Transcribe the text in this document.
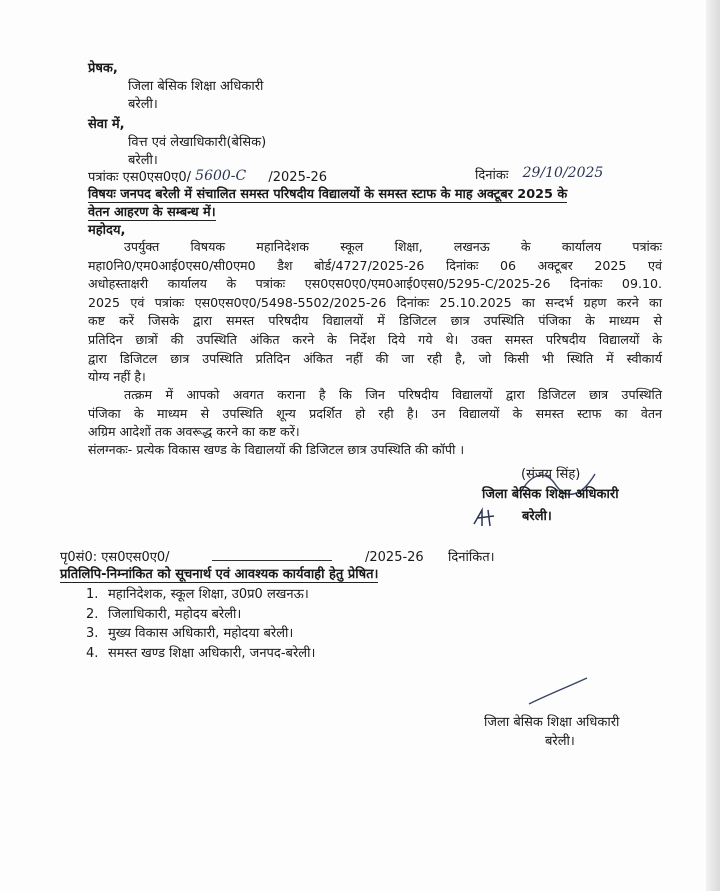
प्रेषक,
जिला बेसिक शिक्षा अधिकारी
बरेली।
सेवा में,
वित्त एवं लेखाधिकारी(बेसिक)
बरेली।
पत्रांकः एस0एस0ए0/ 5600-C /2025-26	दिनांकः 29/10/2025
विषयः जनपद बरेली में संचालित समस्त परिषदीय विद्यालयों के समस्त स्टाफ के माह अक्टूबर 2025 के
वेतन आहरण के सम्बन्ध में।
महोदय,
उपर्युक्त विषयक महानिदेशक स्कूल शिक्षा, लखनऊ के कार्यालय पत्रांकः
महा0नि0/एम0आई0एस0/सी0एम0 डैश बोर्ड/4727/2025-26 दिनांकः 06 अक्टूबर 2025 एवं
अधोहस्ताक्षरी कार्यालय के पत्रांकः एस0एस0ए0/एम0आई0एस0/5295-C/2025-26 दिनांकः 09.10.
2025 एवं पत्रांकः एस0एस0ए0/5498-5502/2025-26 दिनांकः 25.10.2025 का सन्दर्भ ग्रहण करने का
कष्ट करें जिसके द्वारा समस्त परिषदीय विद्यालयों में डिजिटल छात्र उपस्थिति पंजिका के माध्यम से
प्रतिदिन छात्रों की उपस्थिति अंकित करने के निर्देश दिये गये थे। उक्त समस्त परिषदीय विद्यालयों के
द्वारा डिजिटल छात्र उपस्थिति प्रतिदिन अंकित नहीं की जा रही है, जो किसी भी स्थिति में स्वीकार्य
योग्य नहीं है।
तत्क्रम में आपको अवगत कराना है कि जिन परिषदीय विद्यालयों द्वारा डिजिटल छात्र उपस्थिति
पंजिका के माध्यम से उपस्थिति शून्य प्रदर्शित हो रही है। उन विद्यालयों के समस्त स्टाफ का वेतन
अग्रिम आदेशों तक अवरूद्ध करने का कष्ट करें।
संलग्नकः- प्रत्येक विकास खण्ड के विद्यालयों की डिजिटल छात्र उपस्थिति की कॉपी ।
(संजय सिंह)
जिला बेसिक शिक्षा अधिकारी
बरेली।
पृ0सं0: एस0एस0ए0/	/2025-26 दिनांकित।
प्रतिलिपि-निम्नांकित को सूचनार्थ एवं आवश्यक कार्यवाही हेतु प्रेषित।
1. महानिदेशक, स्कूल शिक्षा, उ0प्र0 लखनऊ।
2. जिलाधिकारी, महोदय बरेली।
3. मुख्य विकास अधिकारी, महोदया बरेली।
4. समस्त खण्ड शिक्षा अधिकारी, जनपद-बरेली।
जिला बेसिक शिक्षा अधिकारी
बरेली।
